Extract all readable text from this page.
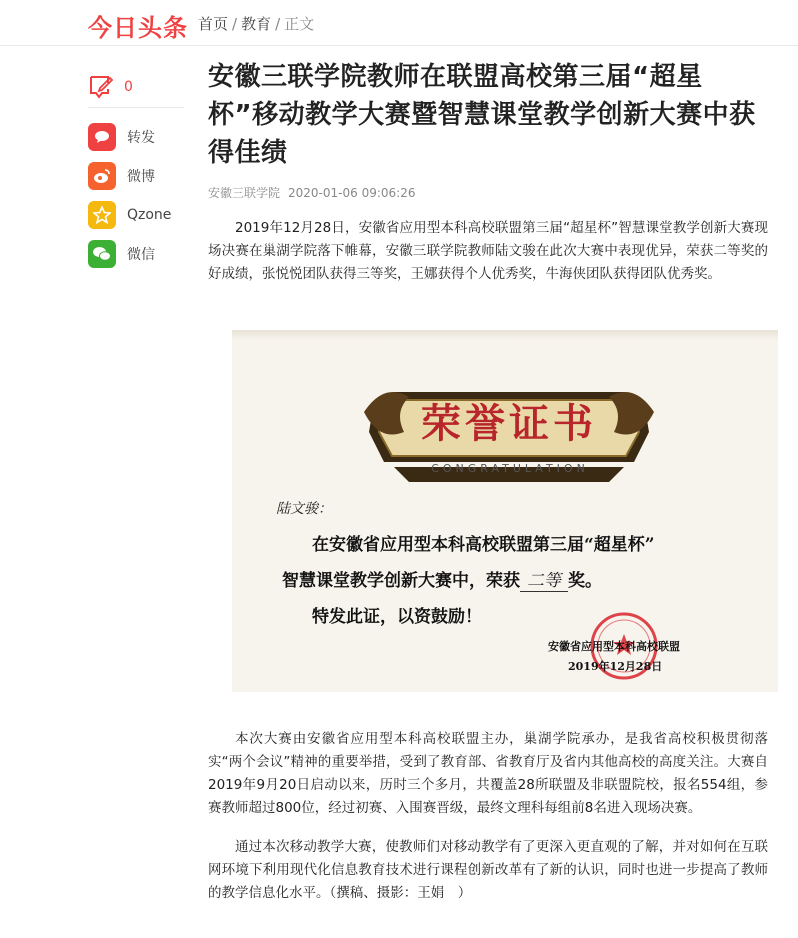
今日头条 首页 / 教育 / 正文
0
转发
微博
Qzone
微信
安徽三联学院教师在联盟高校第三届“超星杯”移动教学大赛暨智慧课堂教学创新大赛中获得佳绩
安徽三联学院 2020-01-06 09:06:26

2019年12月28日，安徽省应用型本科高校联盟第三届“超星杯”智慧课堂教学创新大赛现场决赛在巢湖学院落下帷幕，安徽三联学院教师陆文骏在此次大赛中表现优异，荣获二等奖的好成绩，张悦悦团队获得三等奖，王娜获得个人优秀奖，牛海侠团队获得团队优秀奖。

荣誉证书
CONGRATULATION
陆文骏：
在安徽省应用型本科高校联盟第三届“超星杯”
智慧课堂教学创新大赛中，荣获 二等 奖。
特发此证，以资鼓励！
安徽省应用型本科高校联盟
2019年12月28日

本次大赛由安徽省应用型本科高校联盟主办，巢湖学院承办，是我省高校积极贯彻落实“两个会议”精神的重要举措，受到了教育部、省教育厅及省内其他高校的高度关注。大赛自2019年9月20日启动以来，历时三个多月，共覆盖28所联盟及非联盟院校，报名554组，参赛教师超过800位，经过初赛、入围赛晋级，最终文理科每组前8名进入现场决赛。

通过本次移动教学大赛，使教师们对移动教学有了更深入更直观的了解，并对如何在互联网环境下利用现代化信息教育技术进行课程创新改革有了新的认识，同时也进一步提高了教师的教学信息化水平。（撰稿、摄影：王娟　）
